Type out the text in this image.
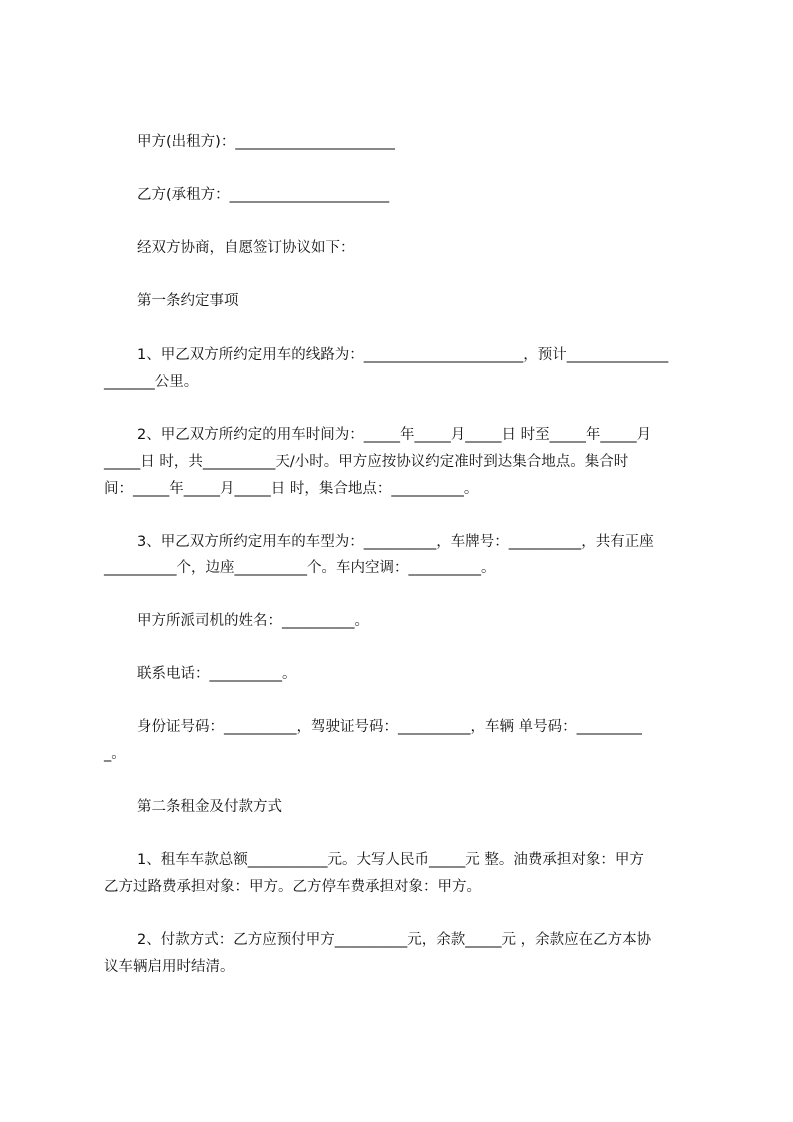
甲方(出租方)：______________________
乙方(承租方：______________________
经双方协商，自愿签订协议如下：
第一条约定事项
1、甲乙双方所约定用车的线路为：______________________，预计______________
_______公里。
2、甲乙双方所约定的用车时间为：_____年_____月_____日 时至_____年_____月
_____日 时，共__________天/小时。甲方应按协议约定准时到达集合地点。集合时
间：_____年_____月_____日 时，集合地点：__________。
3、甲乙双方所约定用车的车型为：__________，车牌号：__________，共有正座
__________个，边座__________个。车内空调：__________。
甲方所派司机的姓名：__________。
联系电话：__________。
身份证号码：__________，驾驶证号码：__________，车辆 单号码：_________
_。
第二条租金及付款方式
1、租车车款总额___________元。大写人民币_____元 整。油费承担对象：甲方
乙方过路费承担对象：甲方。乙方停车费承担对象：甲方。
2、付款方式：乙方应预付甲方__________元，余款_____元 ，余款应在乙方本协
议车辆启用时结清。
